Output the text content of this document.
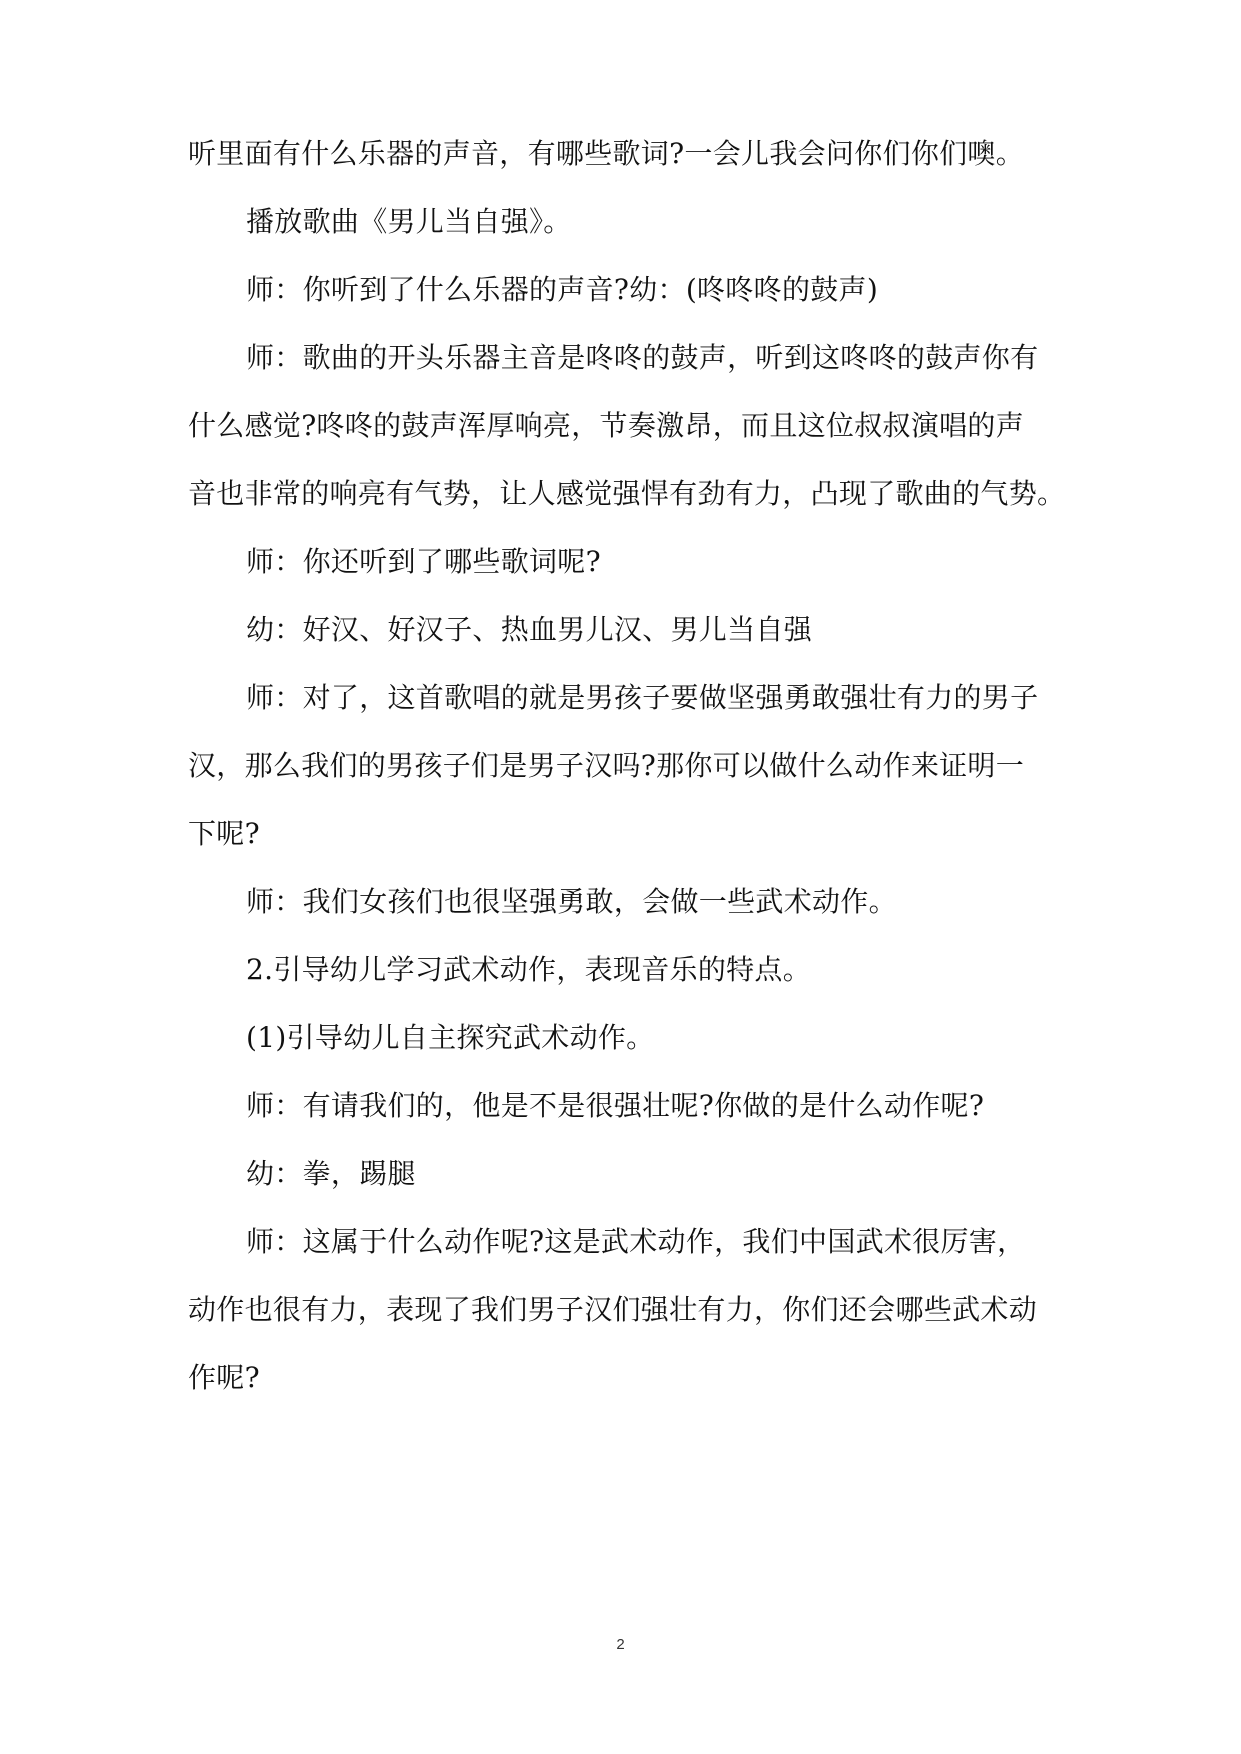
听里面有什么乐器的声音，有哪些歌词?一会儿我会问你们你们噢。
播放歌曲《男儿当自强》。
师：你听到了什么乐器的声音?幼：(咚咚咚的鼓声)
师：歌曲的开头乐器主音是咚咚的鼓声，听到这咚咚的鼓声你有
什么感觉?咚咚的鼓声浑厚响亮，节奏激昂，而且这位叔叔演唱的声
音也非常的响亮有气势，让人感觉强悍有劲有力，凸现了歌曲的气势。
师：你还听到了哪些歌词呢?
幼：好汉、好汉子、热血男儿汉、男儿当自强
师：对了，这首歌唱的就是男孩子要做坚强勇敢强壮有力的男子
汉，那么我们的男孩子们是男子汉吗?那你可以做什么动作来证明一
下呢?
师：我们女孩们也很坚强勇敢，会做一些武术动作。
2.引导幼儿学习武术动作，表现音乐的特点。
(1)引导幼儿自主探究武术动作。
师：有请我们的，他是不是很强壮呢?你做的是什么动作呢?
幼：拳，踢腿
师：这属于什么动作呢?这是武术动作，我们中国武术很厉害，
动作也很有力，表现了我们男子汉们强壮有力，你们还会哪些武术动
作呢?
2
